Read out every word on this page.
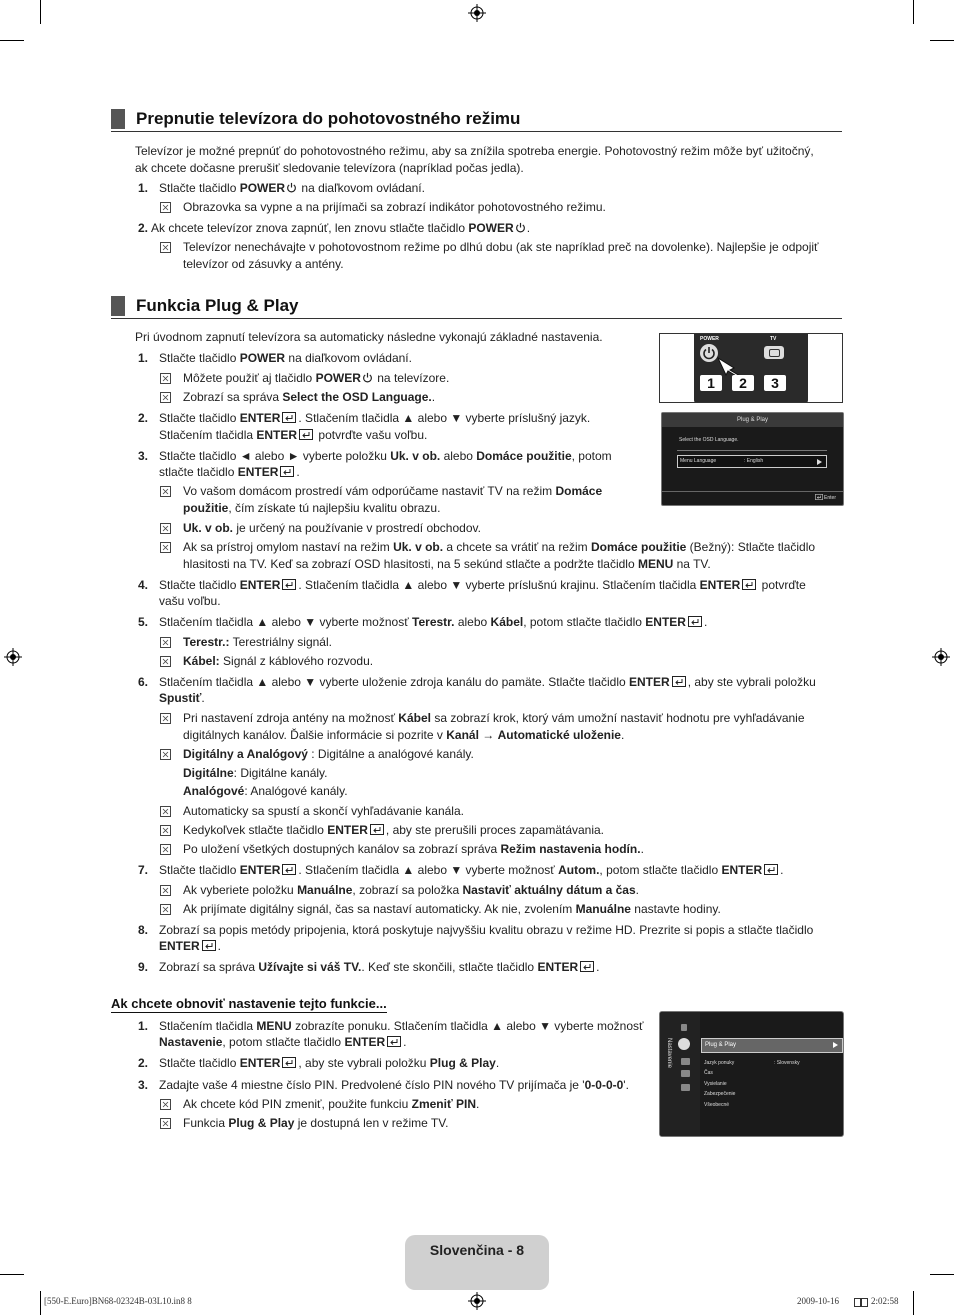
Prepnutie televízora do pohotovostného režimu
Televízor je možné prepnúť do pohotovostného režimu, aby sa znížila spotreba energie. Pohotovostný režim môže byť užitočný,
ak chcete dočasne prerušiť sledovanie televízora (napríklad počas jedla).
1. Stlačte tlačidlo POWER
na diaľkovom ovládaní.
Obrazovka sa vypne a na prijímači sa zobrazí indikátor pohotovostného režimu.
2. Ak chcete televízor znova zapnúť, len znovu stlačte tlačidlo POWER .
Televízor nenechávajte v pohotovostnom režime po dlhú dobu (ak ste napríklad preč na dovolenke). Najlepšie je odpojiť
televízor od zásuvky a antény.
Funkcia Plug & Play
Pri úvodnom zapnutí televízora sa automaticky následne vykonajú základné nastavenia.
1. Stlačte tlačidlo POWER na diaľkovom ovládaní.
Môžete použiť aj tlačidlo POWER
na televízore.
Zobrazí sa správa Select the OSD Language..
2. Stlačte tlačidlo ENTER . Stlačením tlačidla ▲ alebo ▼ vyberte príslušný jazyk.
Stlačením tlačidla ENTER
potvrďte vašu voľbu.
3. Stlačte tlačidlo ◄ alebo ► vyberte položku Uk. v ob. alebo Domáce použitie, potom
stlačte tlačidlo ENTER .
Vo vašom domácom prostredí vám odporúčame nastaviť TV na režim Domáce
použitie, čím získate tú najlepšiu kvalitu obrazu.
Uk. v ob. je určený na používanie v prostredí obchodov.
Ak sa prístroj omylom nastaví na režim Uk. v ob. a chcete sa vrátiť na režim Domáce použitie (Bežný): Stlačte tlačidlo
hlasitosti na TV. Keď sa zobrazí OSD hlasitosti, na 5 sekúnd stlačte a podržte tlačidlo MENU na TV.
4. Stlačte tlačidlo ENTER . Stlačením tlačidla ▲ alebo ▼ vyberte príslušnú krajinu. Stlačením tlačidla ENTER
potvrďte
vašu voľbu.
5. Stlačením tlačidla ▲ alebo ▼ vyberte možnosť Terestr. alebo Kábel, potom stlačte tlačidlo ENTER .
Terestr.: Terestriálny signál.
Kábel: Signál z káblového rozvodu.
6. Stlačením tlačidla ▲ alebo ▼ vyberte uloženie zdroja kanálu do pamäte. Stlačte tlačidlo ENTER , aby ste vybrali položku
Spustiť.
Pri nastavení zdroja antény na možnosť Kábel sa zobrazí krok, ktorý vám umožní nastaviť hodnotu pre vyhľadávanie
digitálnych kanálov. Ďalšie informácie si pozrite v Kanál → Automatické uloženie.
Digitálny a Analógový : Digitálne a analógové kanály.
Digitálne: Digitálne kanály.
Analógové: Analógové kanály.
Automaticky sa spustí a skončí vyhľadávanie kanála.
Kedykoľvek stlačte tlačidlo ENTER , aby ste prerušili proces zapamätávania.
Po uložení všetkých dostupných kanálov sa zobrazí správa Režim nastavenia hodín..
7. Stlačte tlačidlo ENTER . Stlačením tlačidla ▲ alebo ▼ vyberte možnosť Autom., potom stlačte tlačidlo ENTER .
Ak vyberiete položku Manuálne, zobrazí sa položka Nastaviť aktuálny dátum a čas.
Ak prijímate digitálny signál, čas sa nastaví automaticky. Ak nie, zvolením Manuálne nastavte hodiny.
8. Zobrazí sa popis metódy pripojenia, ktorá poskytuje najvyššiu kvalitu obrazu v režime HD. Prezrite si popis a stlačte tlačidlo
ENTER .
9. Zobrazí sa správa Užívajte si váš TV.. Keď ste skončili, stlačte tlačidlo ENTER .
Ak chcete obnoviť nastavenie tejto funkcie...
1. Stlačením tlačidla MENU zobrazíte ponuku. Stlačením tlačidla ▲ alebo ▼ vyberte možnosť
Nastavenie, potom stlačte tlačidlo ENTER .
2. Stlačte tlačidlo ENTER , aby ste vybrali položku Plug & Play.
3. Zadajte vaše 4 miestne číslo PIN. Predvolené číslo PIN nového TV prijímača je '0-0-0-0'.
Ak chcete kód PIN zmeniť, použite funkciu Zmeniť PIN.
Funkcia Plug & Play je dostupná len v režime TV.
POWER	TV
1	2	3
Plug & Play
Select the OSD Language.
Menu Language	: English
Enter
Nastavenie	Plug & Play
Jazyk ponuky	: Slovensky
Čas
Vysielanie
Zabezpečenie
Všeobecné
Slovenčina - 8
[550-E.Euro]BN68-02324B-03L10.in8 8	2009-10-16	2:02:58
